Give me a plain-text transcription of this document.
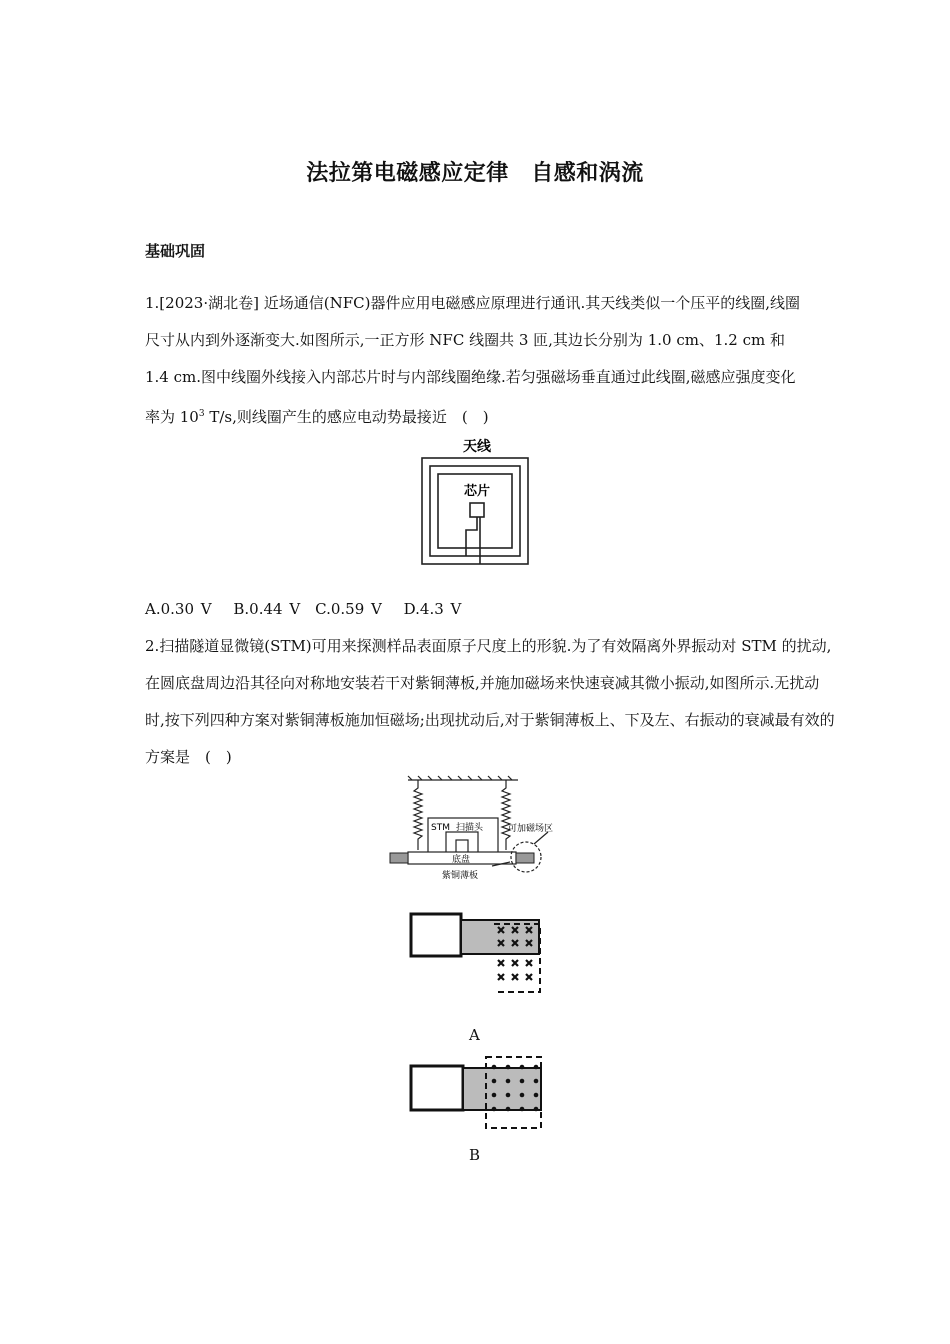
法拉第电磁感应定律　自感和涡流
基础巩固
1.[2023·湖北卷] 近场通信(NFC)器件应用电磁感应原理进行通讯.其天线类似一个压平的线圈,线圈尺寸从内到外逐渐变大.如图所示,一正方形 NFC 线圈共 3 匝,其边长分别为 1.0 cm、1.2 cm 和 1.4 cm.图中线圈外线接入内部芯片时与内部线圈绝缘.若匀强磁场垂直通过此线圈,磁感应强度变化率为 $10^3$ T/s,则线圈产生的感应电动势最接近　(　)
天线
芯片
A.0.30 V　 B.0.44 V　C.0.59 V　 D.4.3 V
2.扫描隧道显微镜(STM)可用来探测样品表面原子尺度上的形貌.为了有效隔离外界振动对 STM 的扰动,在圆底盘周边沿其径向对称地安装若干对紫铜薄板,并施加磁场来快速衰减其微小振动,如图所示.无扰动时,按下列四种方案对紫铜薄板施加恒磁场;出现扰动后,对于紫铜薄板上、下及左、右振动的衰减最有效的方案是　(　)
STM 扫描头	可加磁场区
底盘
紫铜薄板
A
B
